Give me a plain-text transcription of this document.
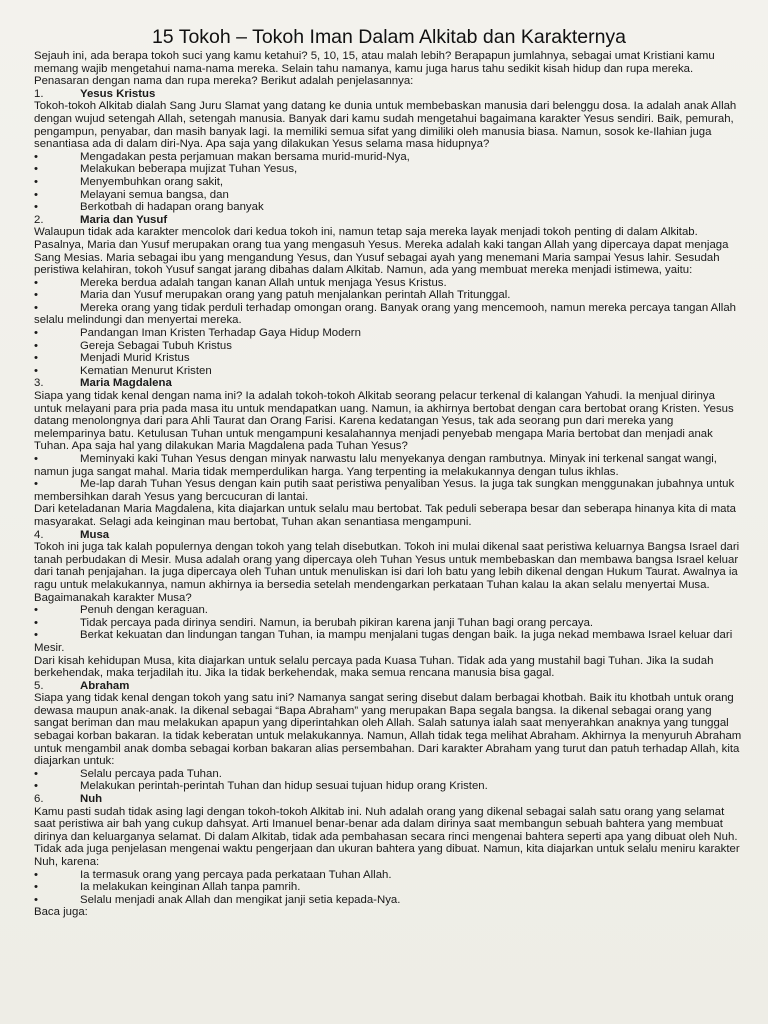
15 Tokoh – Tokoh Iman Dalam Alkitab dan Karakternya

Sejauh ini, ada berapa tokoh suci yang kamu ketahui? 5, 10, 15, atau malah lebih? Berapapun jumlahnya, sebagai umat Kristiani kamu memang wajib mengetahui nama-nama mereka. Selain tahu namanya, kamu juga harus tahu sedikit kisah hidup dan rupa mereka. Penasaran dengan nama dan rupa mereka? Berikut adalah penjelasannya:

1.	Yesus Kristus

Tokoh-tokoh Alkitab dialah Sang Juru Slamat yang datang ke dunia untuk membebaskan manusia dari belenggu dosa. Ia adalah anak Allah dengan wujud setengah Allah, setengah manusia. Banyak dari kamu sudah mengetahui bagaimana karakter Yesus sendiri. Baik, pemurah, pengampun, penyabar, dan masih banyak lagi. Ia memiliki semua sifat yang dimiliki oleh manusia biasa. Namun, sosok ke-Ilahian juga senantiasa ada di dalam diri-Nya. Apa saja yang dilakukan Yesus selama masa hidupnya?

•	Mengadakan pesta perjamuan makan bersama murid-murid-Nya,
•	Melakukan beberapa mujizat Tuhan Yesus,
•	Menyembuhkan orang sakit,
•	Melayani semua bangsa, dan
•	Berkotbah di hadapan orang banyak
2.	Maria dan Yusuf

Walaupun tidak ada karakter mencolok dari kedua tokoh ini, namun tetap saja mereka layak menjadi tokoh penting di dalam Alkitab. Pasalnya, Maria dan Yusuf merupakan orang tua yang mengasuh Yesus. Mereka adalah kaki tangan Allah yang dipercaya dapat menjaga Sang Mesias. Maria sebagai ibu yang mengandung Yesus, dan Yusuf sebagai ayah yang menemani Maria sampai Yesus lahir. Sesudah peristiwa kelahiran, tokoh Yusuf sangat jarang dibahas dalam Alkitab. Namun, ada yang membuat mereka menjadi istimewa, yaitu:

•	Mereka berdua adalah tangan kanan Allah untuk menjaga Yesus Kristus.
•	Maria dan Yusuf merupakan orang yang patuh menjalankan perintah Allah Tritunggal.
•	Mereka orang yang tidak perduli terhadap omongan orang. Banyak orang yang mencemooh, namun mereka percaya tangan Allah selalu melindungi dan menyertai mereka.
•	Pandangan Iman Kristen Terhadap Gaya Hidup Modern
•	Gereja Sebagai Tubuh Kristus
•	Menjadi Murid Kristus
•	Kematian Menurut Kristen
3.	Maria Magdalena

Siapa yang tidak kenal dengan nama ini? Ia adalah tokoh-tokoh Alkitab seorang pelacur terkenal di kalangan Yahudi. Ia menjual dirinya untuk melayani para pria pada masa itu untuk mendapatkan uang. Namun, ia akhirnya bertobat dengan cara bertobat orang Kristen. Yesus datang menolongnya dari para Ahli Taurat dan Orang Farisi. Karena kedatangan Yesus, tak ada seorang pun dari mereka yang melemparinya batu. Ketulusan Tuhan untuk mengampuni kesalahannya menjadi penyebab mengapa Maria bertobat dan menjadi anak Tuhan. Apa saja hal yang dilakukan Maria Magdalena pada Tuhan Yesus?

•	Meminyaki kaki Tuhan Yesus dengan minyak narwastu lalu menyekanya dengan rambutnya. Minyak ini terkenal sangat wangi, namun juga sangat mahal. Maria tidak memperdulikan harga. Yang terpenting ia melakukannya dengan tulus ikhlas.
•	Me-lap darah Tuhan Yesus dengan kain putih saat peristiwa penyaliban Yesus. Ia juga tak sungkan menggunakan jubahnya untuk membersihkan darah Yesus yang bercucuran di lantai.

Dari keteladanan Maria Magdalena, kita diajarkan untuk selalu mau bertobat. Tak peduli seberapa besar dan seberapa hinanya kita di mata masyarakat. Selagi ada keinginan mau bertobat, Tuhan akan senantiasa mengampuni.

4.	Musa

Tokoh ini juga tak kalah populernya dengan tokoh yang telah disebutkan. Tokoh ini mulai dikenal saat peristiwa keluarnya Bangsa Israel dari tanah perbudakan di Mesir. Musa adalah orang yang dipercaya oleh Tuhan Yesus untuk membebaskan dan membawa bangsa Israel keluar dari tanah penjajahan. Ia juga dipercaya oleh Tuhan untuk menuliskan isi dari loh batu yang lebih dikenal dengan Hukum Taurat. Awalnya ia ragu untuk melakukannya, namun akhirnya ia bersedia setelah mendengarkan perkataan Tuhan kalau Ia akan selalu menyertai Musa. Bagaimanakah karakter Musa?

•	Penuh dengan keraguan.
•	Tidak percaya pada dirinya sendiri. Namun, ia berubah pikiran karena janji Tuhan bagi orang percaya.
•	Berkat kekuatan dan lindungan tangan Tuhan, ia mampu menjalani tugas dengan baik. Ia juga nekad membawa Israel keluar dari Mesir.

Dari kisah kehidupan Musa, kita diajarkan untuk selalu percaya pada Kuasa Tuhan. Tidak ada yang mustahil bagi Tuhan. Jika Ia sudah berkehendak, maka terjadilah itu. Jika Ia tidak berkehendak, maka semua rencana manusia bisa gagal.

5.	Abraham

Siapa yang tidak kenal dengan tokoh yang satu ini? Namanya sangat sering disebut dalam berbagai khotbah. Baik itu khotbah untuk orang dewasa maupun anak-anak. Ia dikenal sebagai “Bapa Abraham” yang merupakan Bapa segala bangsa. Ia dikenal sebagai orang yang sangat beriman dan mau melakukan apapun yang diperintahkan oleh Allah. Salah satunya ialah saat menyerahkan anaknya yang tunggal sebagai korban bakaran. Ia tidak keberatan untuk melakukannya. Namun, Allah tidak tega melihat Abraham. Akhirnya Ia menyuruh Abraham untuk mengambil anak domba sebagai korban bakaran alias persembahan. Dari karakter Abraham yang turut dan patuh terhadap Allah, kita diajarkan untuk:

•	Selalu percaya pada Tuhan.
•	Melakukan perintah-perintah Tuhan dan hidup sesuai tujuan hidup orang Kristen.
6.	Nuh

Kamu pasti sudah tidak asing lagi dengan tokoh-tokoh Alkitab ini. Nuh adalah orang yang dikenal sebagai salah satu orang yang selamat saat peristiwa air bah yang cukup dahsyat. Arti Imanuel benar-benar ada dalam dirinya saat membangun sebuah bahtera yang membuat dirinya dan keluarganya selamat. Di dalam Alkitab, tidak ada pembahasan secara rinci mengenai bahtera seperti apa yang dibuat oleh Nuh. Tidak ada juga penjelasan mengenai waktu pengerjaan dan ukuran bahtera yang dibuat. Namun, kita diajarkan untuk selalu meniru karakter Nuh, karena:

•	Ia termasuk orang yang percaya pada perkataan Tuhan Allah.
•	Ia melakukan keinginan Allah tanpa pamrih.
•	Selalu menjadi anak Allah dan mengikat janji setia kepada-Nya.

Baca juga:
